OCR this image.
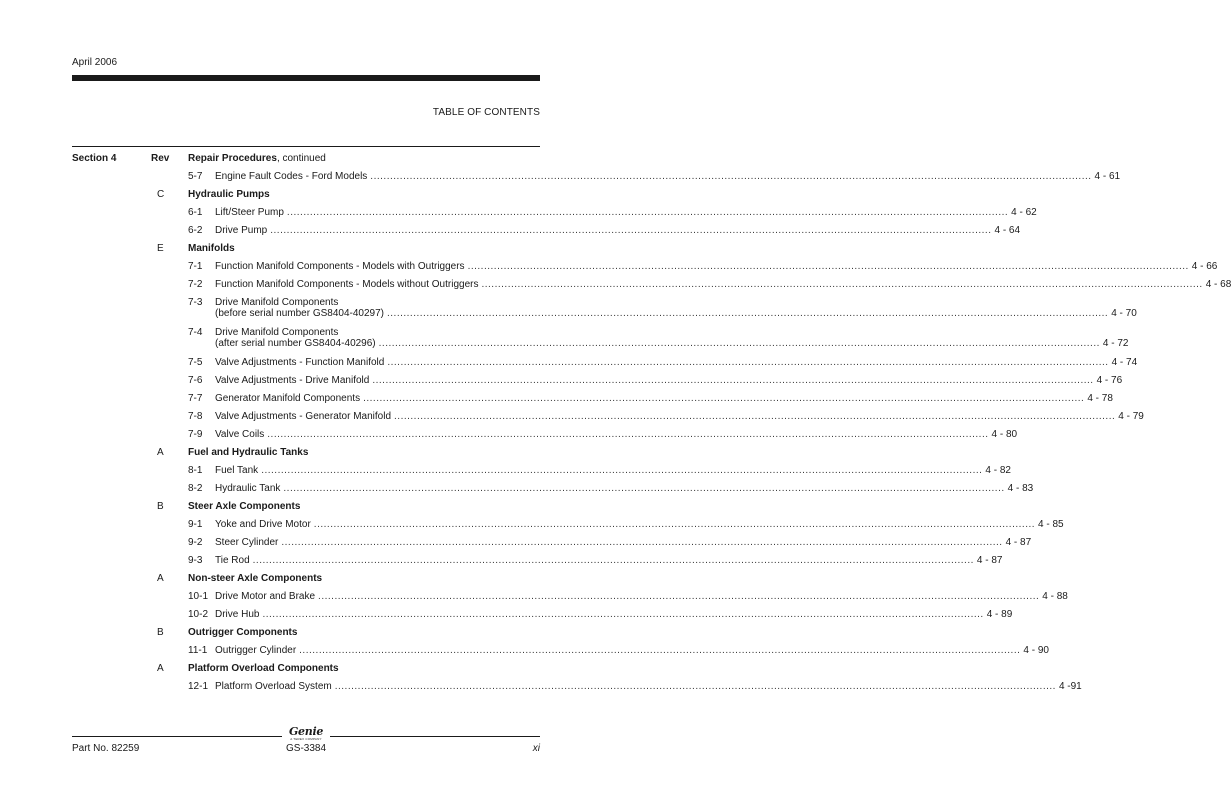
April 2006
TABLE OF CONTENTS
Section 4	Rev Repair Procedures, continued
5-7 Engine Fault Codes - Ford Models ............................................................................................................................................................................................................................ 4 - 61
C Hydraulic Pumps
6-1 Lift/Steer Pump ............................................................................................................................................................................................................................ 4 - 62
6-2 Drive Pump ............................................................................................................................................................................................................................ 4 - 64
E Manifolds
7-1 Function Manifold Components - Models with Outriggers ............................................................................................................................................................................................................................ 4 - 66
7-2 Function Manifold Components - Models without Outriggers ............................................................................................................................................................................................................................ 4 - 68
7-3 Drive Manifold Components
(before serial number GS8404-40297) ............................................................................................................................................................................................................................ 4 - 70
7-4 Drive Manifold Components
(after serial number GS8404-40296) ............................................................................................................................................................................................................................ 4 - 72
7-5 Valve Adjustments - Function Manifold ............................................................................................................................................................................................................................ 4 - 74
7-6 Valve Adjustments - Drive Manifold ............................................................................................................................................................................................................................ 4 - 76
7-7 Generator Manifold Components ............................................................................................................................................................................................................................ 4 - 78
7-8 Valve Adjustments - Generator Manifold ............................................................................................................................................................................................................................ 4 - 79
7-9 Valve Coils ............................................................................................................................................................................................................................ 4 - 80
A Fuel and Hydraulic Tanks
8-1 Fuel Tank ............................................................................................................................................................................................................................ 4 - 82
8-2 Hydraulic Tank ............................................................................................................................................................................................................................ 4 - 83
B Steer Axle Components
9-1 Yoke and Drive Motor ............................................................................................................................................................................................................................ 4 - 85
9-2 Steer Cylinder ............................................................................................................................................................................................................................ 4 - 87
9-3 Tie Rod ............................................................................................................................................................................................................................ 4 - 87
A Non-steer Axle Components
10-1 Drive Motor and Brake ............................................................................................................................................................................................................................ 4 - 88
10-2 Drive Hub ............................................................................................................................................................................................................................ 4 - 89
B Outrigger Components
11-1 Outrigger Cylinder ............................................................................................................................................................................................................................ 4 - 90
A Platform Overload Components
12-1 Platform Overload System ............................................................................................................................................................................................................................ 4 -91
Genie
A TEREX COMPANY
Part No. 82259	GS-3384	xi
